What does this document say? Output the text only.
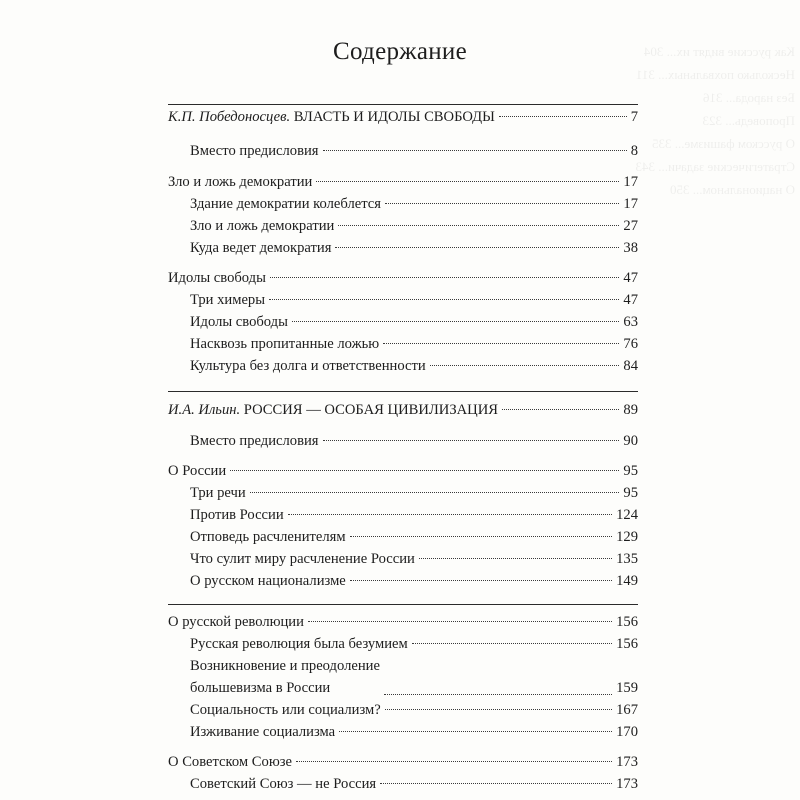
Как русские видят их... 304
Несколько похвальных... 311
Без народа... 316
Проповедь... 323
О русском фашизме... 335
Стратегические задачи... 343
О национальном... 350
Содержание
К.П. Победоносцев. ВЛАСТЬ И ИДОЛЫ СВОБОДЫ	7
Вместо предисловия	8
Зло и ложь демократии	17
Здание демократии колеблется	17
Зло и ложь демократии	27
Куда ведет демократия	38
Идолы свободы	47
Три химеры	47
Идолы свободы	63
Насквозь пропитанные ложью	76
Культура без долга и ответственности	84
И.А. Ильин. РОССИЯ — ОСОБАЯ ЦИВИЛИЗАЦИЯ	89
Вместо предисловия	90
О России	95
Три речи	95
Против России	124
Отповедь расчленителям	129
Что сулит миру расчленение России	135
О русском национализме	149
О русской революции	156
Русская революция была безумием	156
Возникновение и преодоление
большевизма в России	159
Социальность или социализм?	167
Изживание социализма	170
О Советском Союзе	173
Советский Союз — не Россия	173
